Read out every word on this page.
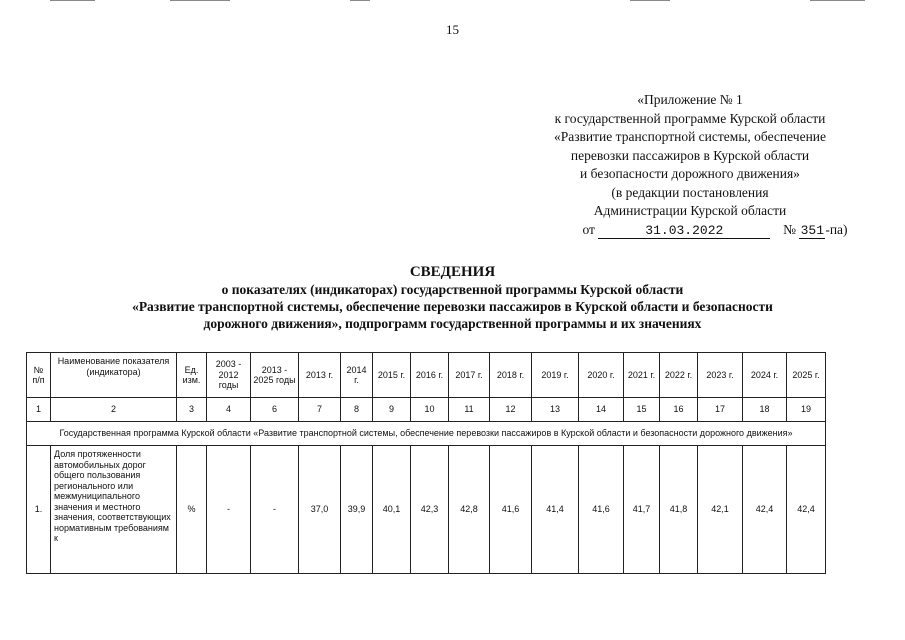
15
«Приложение № 1
к государственной программе Курской области
«Развитие транспортной системы, обеспечение
перевозки пассажиров в Курской области
и безопасности дорожного движения»
(в редакции постановления
Администрации Курской области
от	31.03.2022	№ 351-па)
СВЕДЕНИЯ
о показателях (индикаторах) государственной программы Курской области
«Развитие транспортной системы, обеспечение перевозки пассажиров в Курской области и безопасности
дорожного движения», подпрограмм государственной программы и их значениях
№ п/п	Наименование показателя (индикатора)	Ед. изм.	2003 - 2012 годы	2013 - 2025 годы	2013 г.	2014 г.	2015 г.	2016 г.	2017 г.	2018 г.	2019 г.	2020 г.	2021 г.	2022 г.	2023 г.	2024 г.	2025 г.
1	2	3	4	6	7	8	9	10	11	12	13	14	15	16	17	18	19
Государственная программа Курской области «Развитие транспортной системы, обеспечение перевозки пассажиров в Курской области и безопасности дорожного движения»																	
1.	Доля протяженности автомобильных дорог общего пользования регионального или межмуниципального значения и местного значения, соответствующих нормативным требованиям к	%	-	-	37,0	39,9	40,1	42,3	42,8	41,6	41,4	41,6	41,7	41,8	42,1	42,4	42,4
